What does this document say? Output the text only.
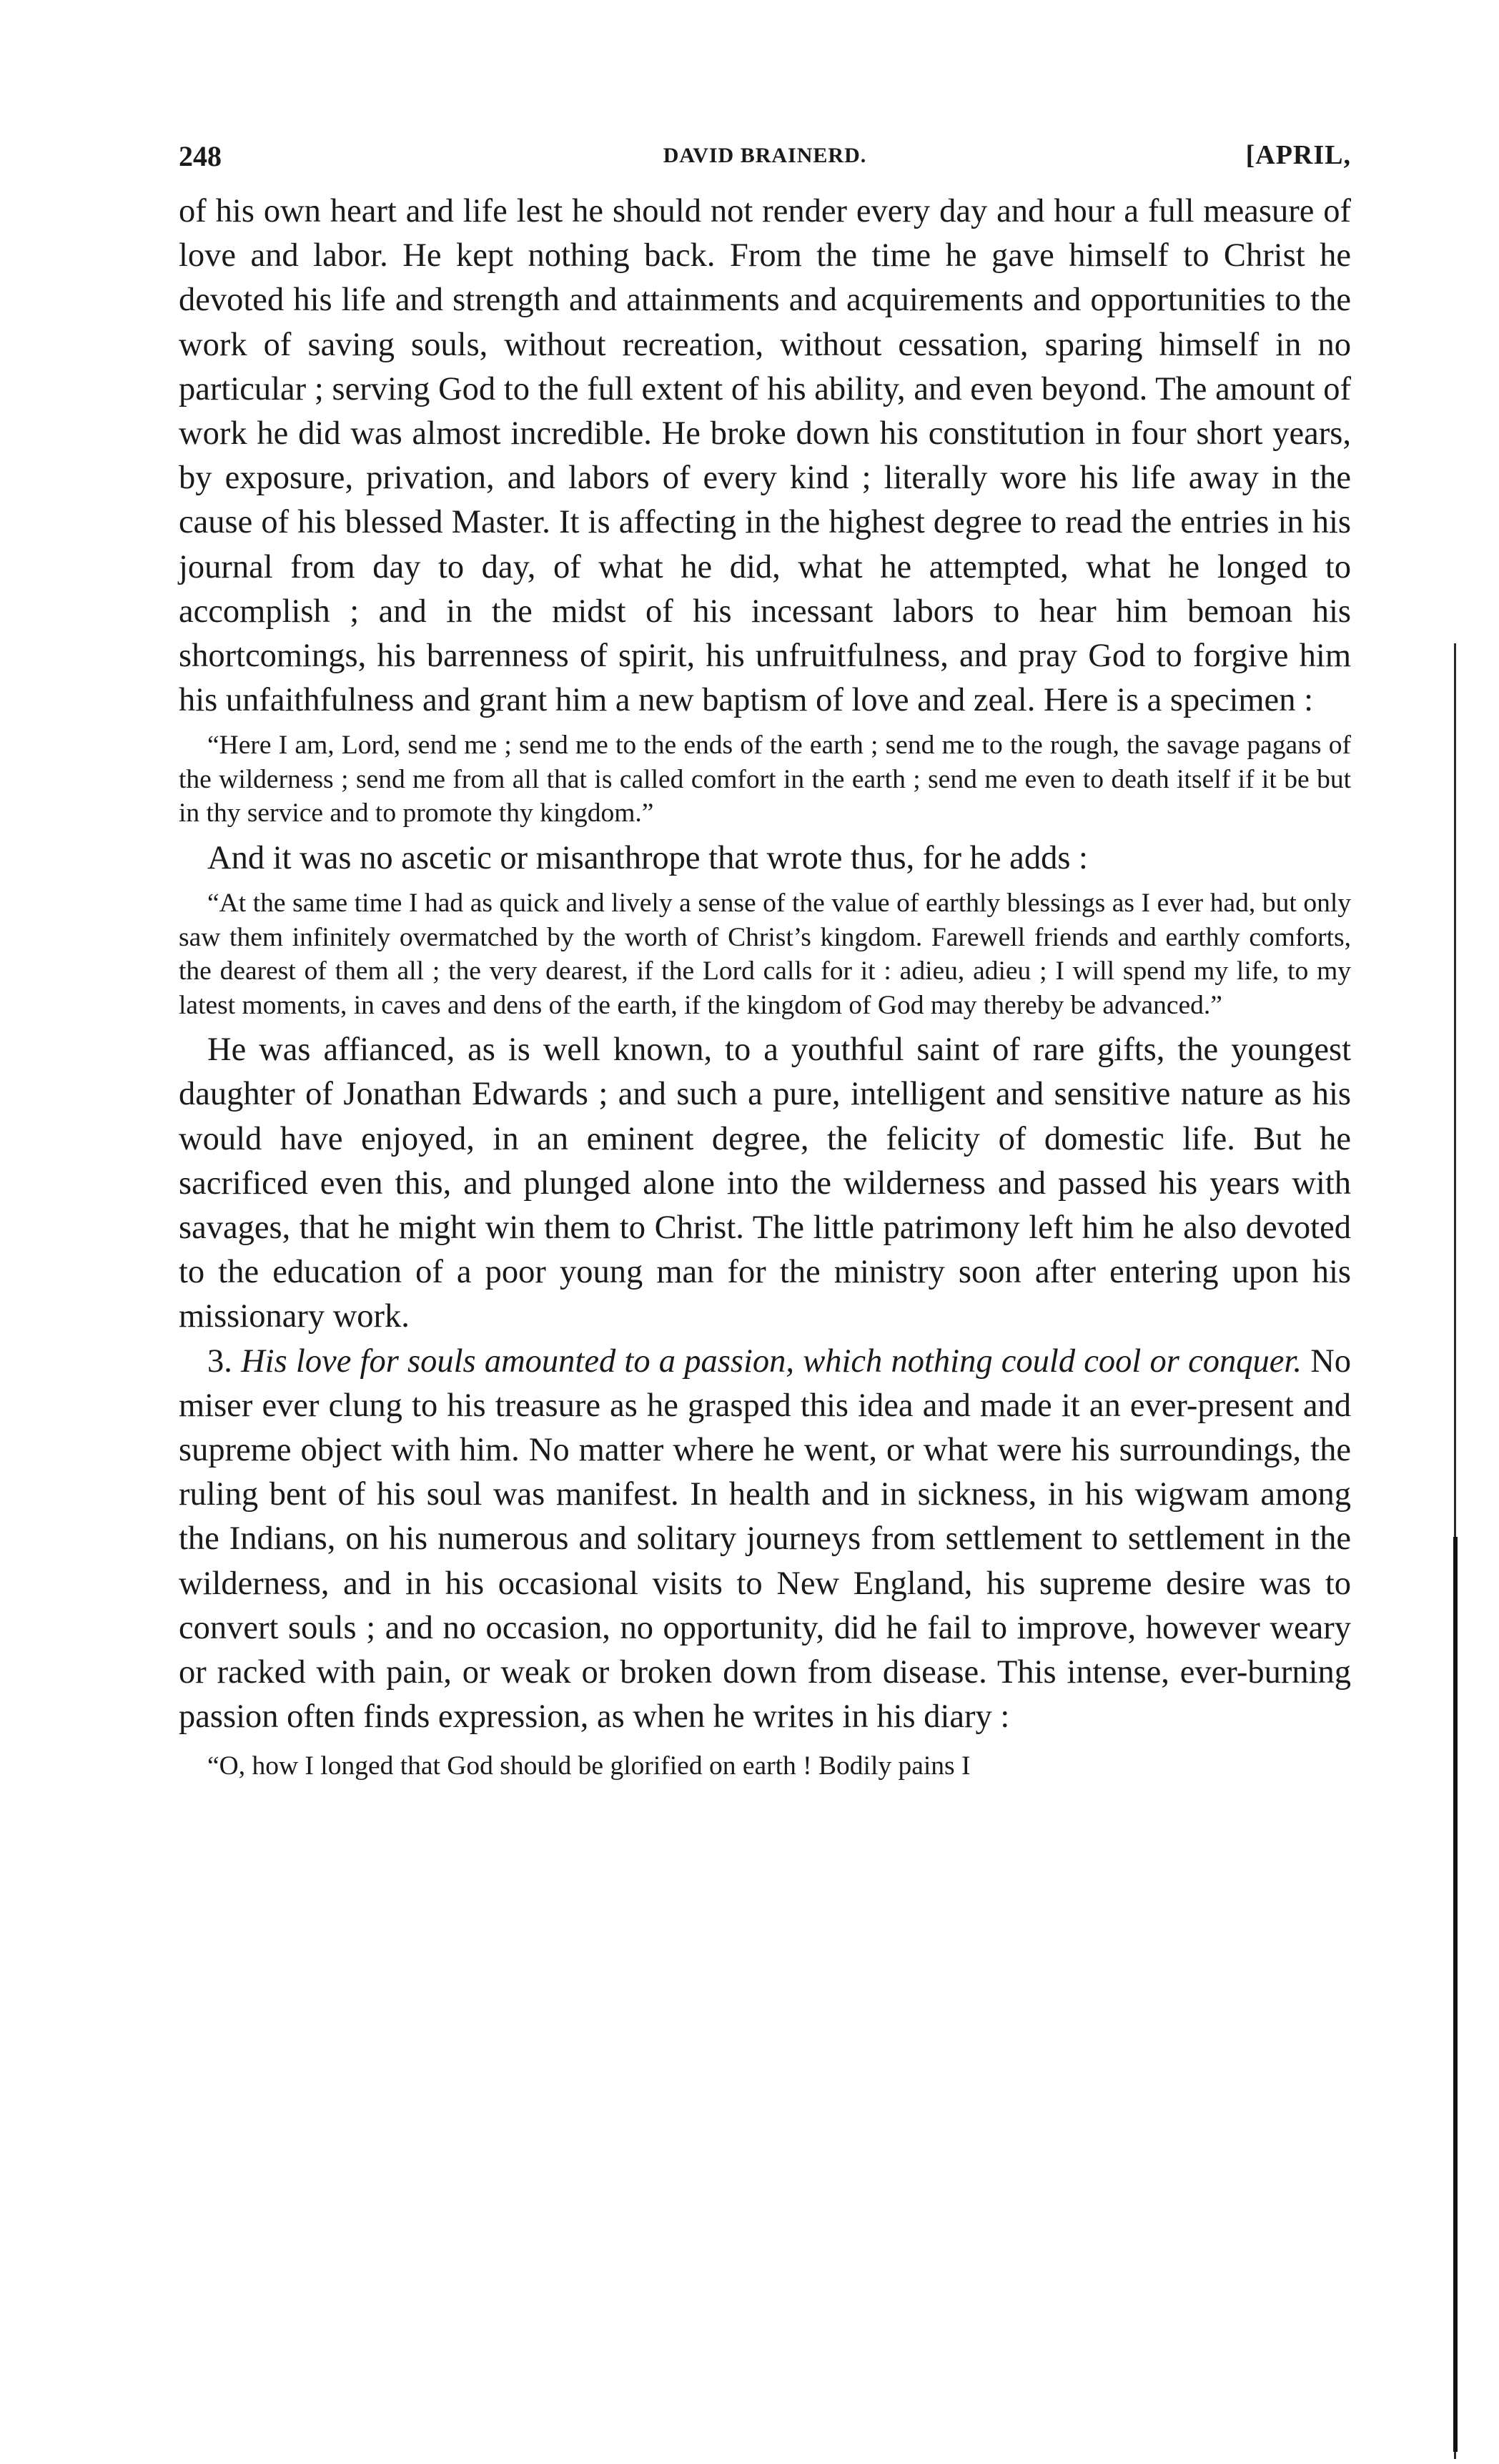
248	DAVID BRAINERD.	[APRIL,

of his own heart and life lest he should not render every day and hour a full measure of love and labor. He kept nothing back. From the time he gave himself to Christ he devoted his life and strength and attainments and acquirements and opportunities to the work of saving souls, without recreation, without cessation, sparing himself in no particular ; serving God to the full extent of his ability, and even beyond. The amount of work he did was almost incredible. He broke down his constitution in four short years, by exposure, privation, and labors of every kind ; literally wore his life away in the cause of his blessed Master. It is affecting in the highest degree to read the entries in his journal from day to day, of what he did, what he attempted, what he longed to accomplish ; and in the midst of his incessant labors to hear him bemoan his shortcomings, his barrenness of spirit, his unfruitfulness, and pray God to forgive him his unfaithfulness and grant him a new baptism of love and zeal. Here is a specimen :

“Here I am, Lord, send me ; send me to the ends of the earth ; send me to the rough, the savage pagans of the wilderness ; send me from all that is called comfort in the earth ; send me even to death itself if it be but in thy service and to promote thy kingdom.”

And it was no ascetic or misanthrope that wrote thus, for he adds :

“At the same time I had as quick and lively a sense of the value of earthly blessings as I ever had, but only saw them infinitely overmatched by the worth of Christ’s kingdom. Farewell friends and earthly comforts, the dearest of them all ; the very dearest, if the Lord calls for it : adieu, adieu ; I will spend my life, to my latest moments, in caves and dens of the earth, if the kingdom of God may thereby be advanced.”

He was affianced, as is well known, to a youthful saint of rare gifts, the youngest daughter of Jonathan Edwards ; and such a pure, intelligent and sensitive nature as his would have enjoyed, in an eminent degree, the felicity of domestic life. But he sacrificed even this, and plunged alone into the wilderness and passed his years with savages, that he might win them to Christ. The little patrimony left him he also devoted to the education of a poor young man for the ministry soon after entering upon his missionary work.

3. His love for souls amounted to a passion, which nothing could cool or conquer. No miser ever clung to his treasure as he grasped this idea and made it an ever-present and supreme object with him. No matter where he went, or what were his surroundings, the ruling bent of his soul was manifest. In health and in sickness, in his wigwam among the Indians, on his numerous and solitary journeys from settlement to settlement in the wilderness, and in his occasional visits to New England, his supreme desire was to convert souls ; and no occasion, no opportunity, did he fail to improve, however weary or racked with pain, or weak or broken down from disease. This intense, ever-burning passion often finds expression, as when he writes in his diary :

“O, how I longed that God should be glorified on earth ! Bodily pains I
